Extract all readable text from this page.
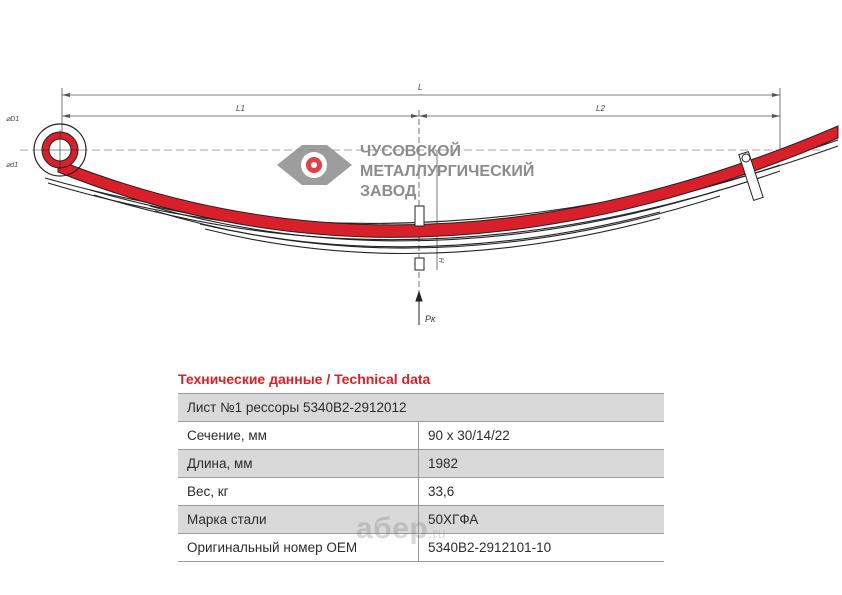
L
L1	L2
⌀D1
⌀d1
H
Pк
ЧУСОВСКОЙ
МЕТАЛЛУРГИЧЕСКИЙ
ЗАВОД
Технические данные / Technical data
Лист №1 рессоры 5340В2-2912012	
Сечение, мм	90 х 30/14/22
Длина, мм	1982
Вес, кг	33,6
Марка стали	50ХГФА
Оригинальный номер OEM	5340В2-2912101-10
aбер.ru
